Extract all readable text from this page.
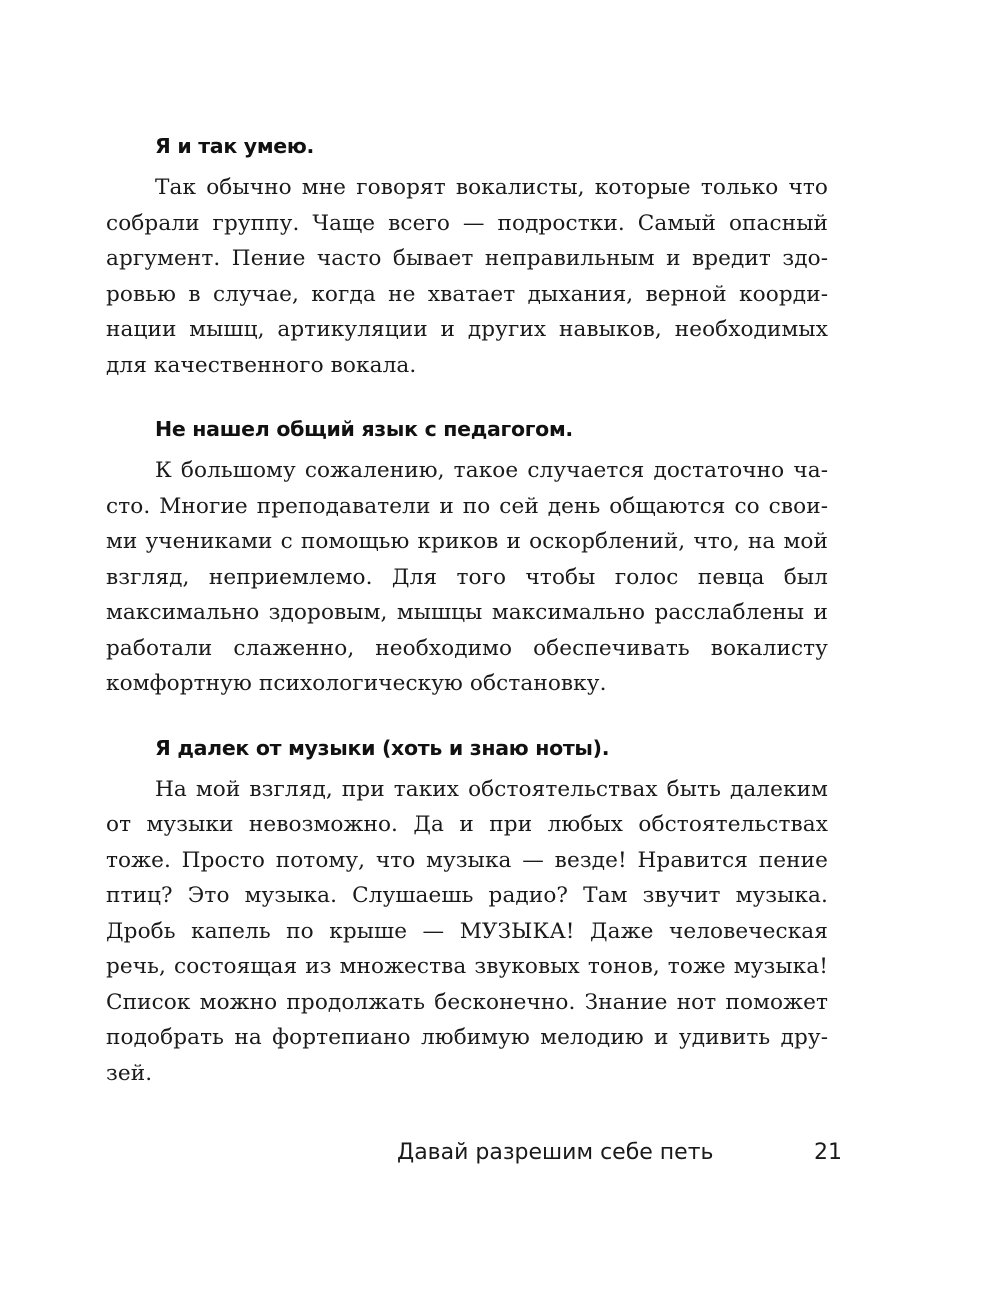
Я и так умею.

Так обычно мне говорят вокалисты, которые только что собрали группу. Чаще всего — подростки. Самый опасный аргумент. Пение часто бывает неправильным и вредит здоровью в случае, когда не хватает дыхания, верной координации мышц, артикуляции и других навыков, необходимых для качественного вокала.

Не нашел общий язык с педагогом.

К большому сожалению, такое случается достаточно часто. Многие преподаватели и по сей день общаются со своими учениками с помощью криков и оскорблений, что, на мой взгляд, неприемлемо. Для того чтобы голос певца был максимально здоровым, мышцы максимально расслаблены и работали слаженно, необходимо обеспечивать вокалисту комфортную психологическую обстановку.

Я далек от музыки (хоть и знаю ноты).

На мой взгляд, при таких обстоятельствах быть далеким от музыки невозможно. Да и при любых обстоятельствах тоже. Просто потому, что музыка — везде! Нравится пение птиц? Это музыка. Слушаешь радио? Там звучит музыка. Дробь капель по крыше — МУЗЫКА! Даже человеческая речь, состоящая из множества звуковых тонов, тоже музыка! Список можно продолжать бесконечно. Знание нот поможет подобрать на фортепиано любимую мелодию и удивить друзей.

Давай разрешим себе петь	21
